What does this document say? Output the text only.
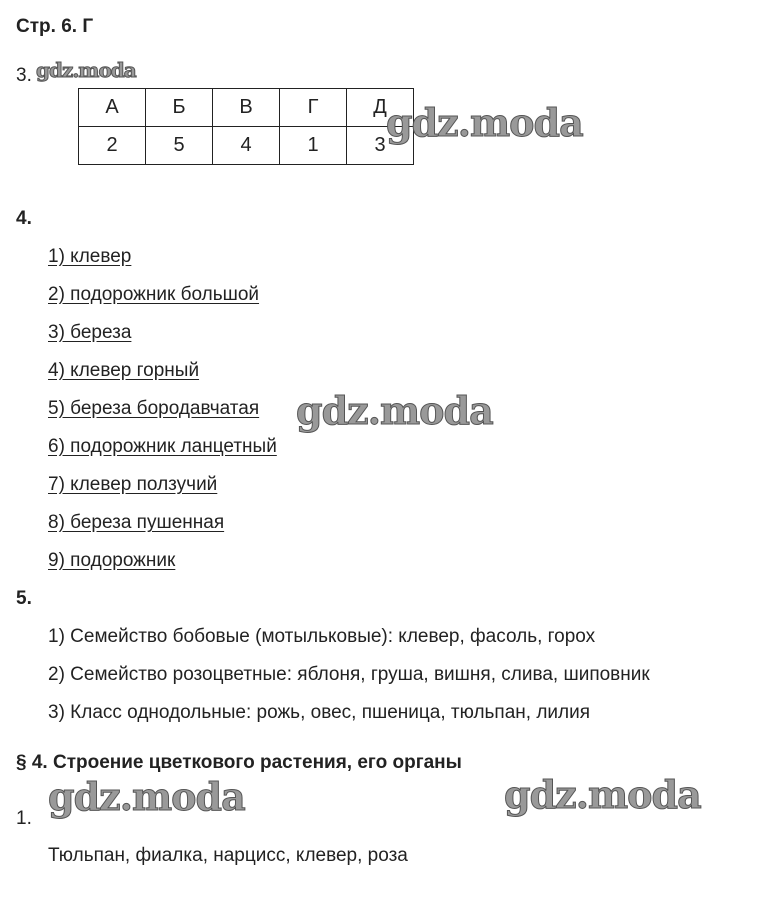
Стр. 6. Г
3. gdz.moda
А	Б	В	Г	Д
2	5	4	1	3 gdz.moda
4.
1) клевер
2) подорожник большой
3) береза
4) клевер горный
5) береза бородавчатая
6) подорожник ланцетный
7) клевер ползучий
8) береза пушенная
9) подорожник
gdz.moda
5.
1) Семейство бобовые (мотыльковые): клевер, фасоль, горох
2) Семейство розоцветные: яблоня, груша, вишня, слива, шиповник
3) Класс однодольные: рожь, овес, пшеница, тюльпан, лилия
§ 4. Строение цветкового растения, его органы
gdz.moda	gdz.moda
1.
Тюльпан, фиалка, нарцисс, клевер, роза
